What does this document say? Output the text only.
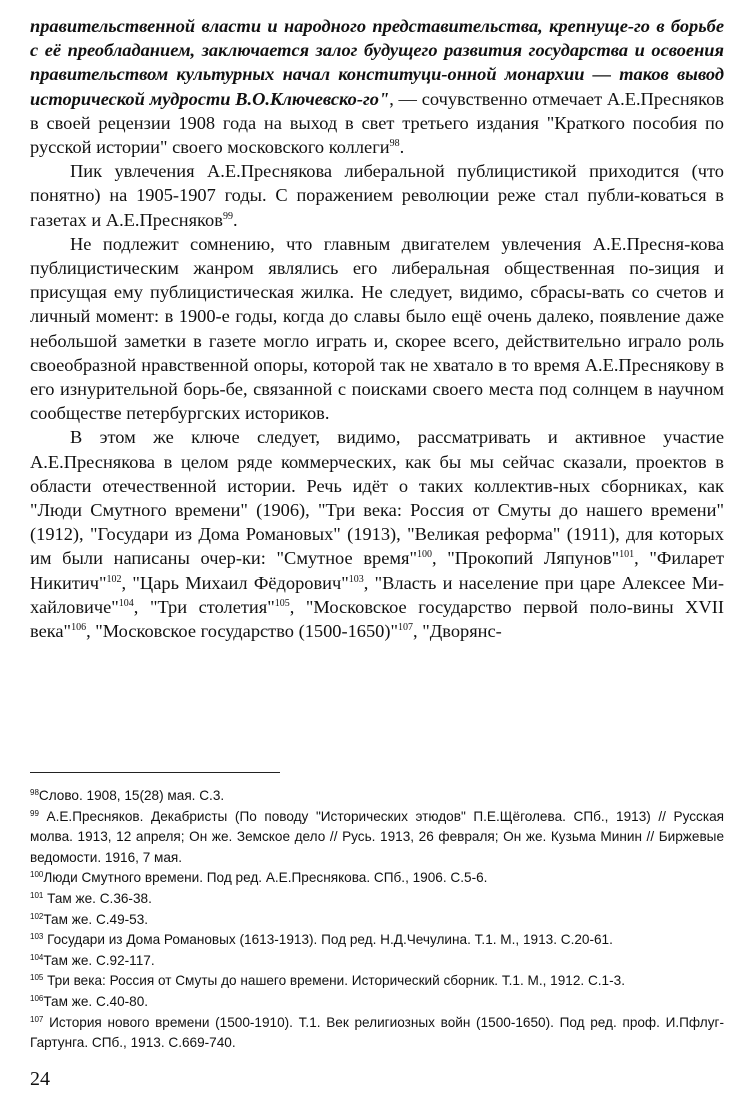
правительственной власти и народного представительства, крепнуще-го в борьбе с её преобладанием, заключается залог будущего развития государства и освоения правительством культурных начал конституци-онной монархии — таков вывод исторической мудрости В.О.Ключевско-го", — сочувственно отмечает А.Е.Пресняков в своей рецензии 1908 года на выход в свет третьего издания "Краткого пособия по русской истории" своего московского коллеги$^{98}$.

Пик увлечения А.Е.Преснякова либеральной публицистикой приходится (что понятно) на 1905-1907 годы. С поражением революции реже стал публи-коваться в газетах и А.Е.Пресняков$^{99}$.

Не подлежит сомнению, что главным двигателем увлечения А.Е.Пресня-кова публицистическим жанром являлись его либеральная общественная по-зиция и присущая ему публицистическая жилка. Не следует, видимо, сбрасы-вать со счетов и личный момент: в 1900-е годы, когда до славы было ещё очень далеко, появление даже небольшой заметки в газете могло играть и, скорее всего, действительно играло роль своеобразной нравственной опоры, которой так не хватало в то время А.Е.Преснякову в его изнурительной борь-бе, связанной с поисками своего места под солнцем в научном сообществе петербургских историков.

В этом же ключе следует, видимо, рассматривать и активное участие А.Е.Преснякова в целом ряде коммерческих, как бы мы сейчас сказали, проектов в области отечественной истории. Речь идёт о таких коллектив-ных сборниках, как "Люди Смутного времени" (1906), "Три века: Россия от Смуты до нашего времени" (1912), "Государи из Дома Романовых" (1913), "Великая реформа" (1911), для которых им были написаны очер-ки: "Смутное время"$^{100}$, "Прокопий Ляпунов"$^{101}$, "Филарет Никитич"$^{102}$, "Царь Михаил Фёдорович"$^{103}$, "Власть и население при царе Алексее Ми-хайловиче"$^{104}$, "Три столетия"$^{105}$, "Московское государство первой поло-вины XVII века"$^{106}$, "Московское государство (1500-1650)"$^{107}$, "Дворянс-

$^{98}$Слово. 1908, 15(28) мая. С.3.

$^{99}$ А.Е.Пресняков. Декабристы (По поводу "Исторических этюдов" П.Е.Щёголева. СПб., 1913) // Русская молва. 1913, 12 апреля; Он же. Земское дело // Русь. 1913, 26 февраля; Он же. Кузьма Минин // Биржевые ведомости. 1916, 7 мая.

$^{100}$Люди Смутного времени. Под ред. А.Е.Преснякова. СПб., 1906. С.5-6.

$^{101}$ Там же. С.36-38.

$^{102}$Там же. С.49-53.

$^{103}$ Государи из Дома Романовых (1613-1913). Под ред. Н.Д.Чечулина. Т.1. М., 1913. С.20-61.

$^{104}$Там же. С.92-117.

$^{105}$ Три века: Россия от Смуты до нашего времени. Исторический сборник. Т.1. М., 1912. С.1-3.

$^{106}$Там же. С.40-80.

$^{107}$ История нового времени (1500-1910). Т.1. Век религиозных войн (1500-1650). Под ред. проф. И.Пфлуг-Гартунга. СПб., 1913. С.669-740.

24
